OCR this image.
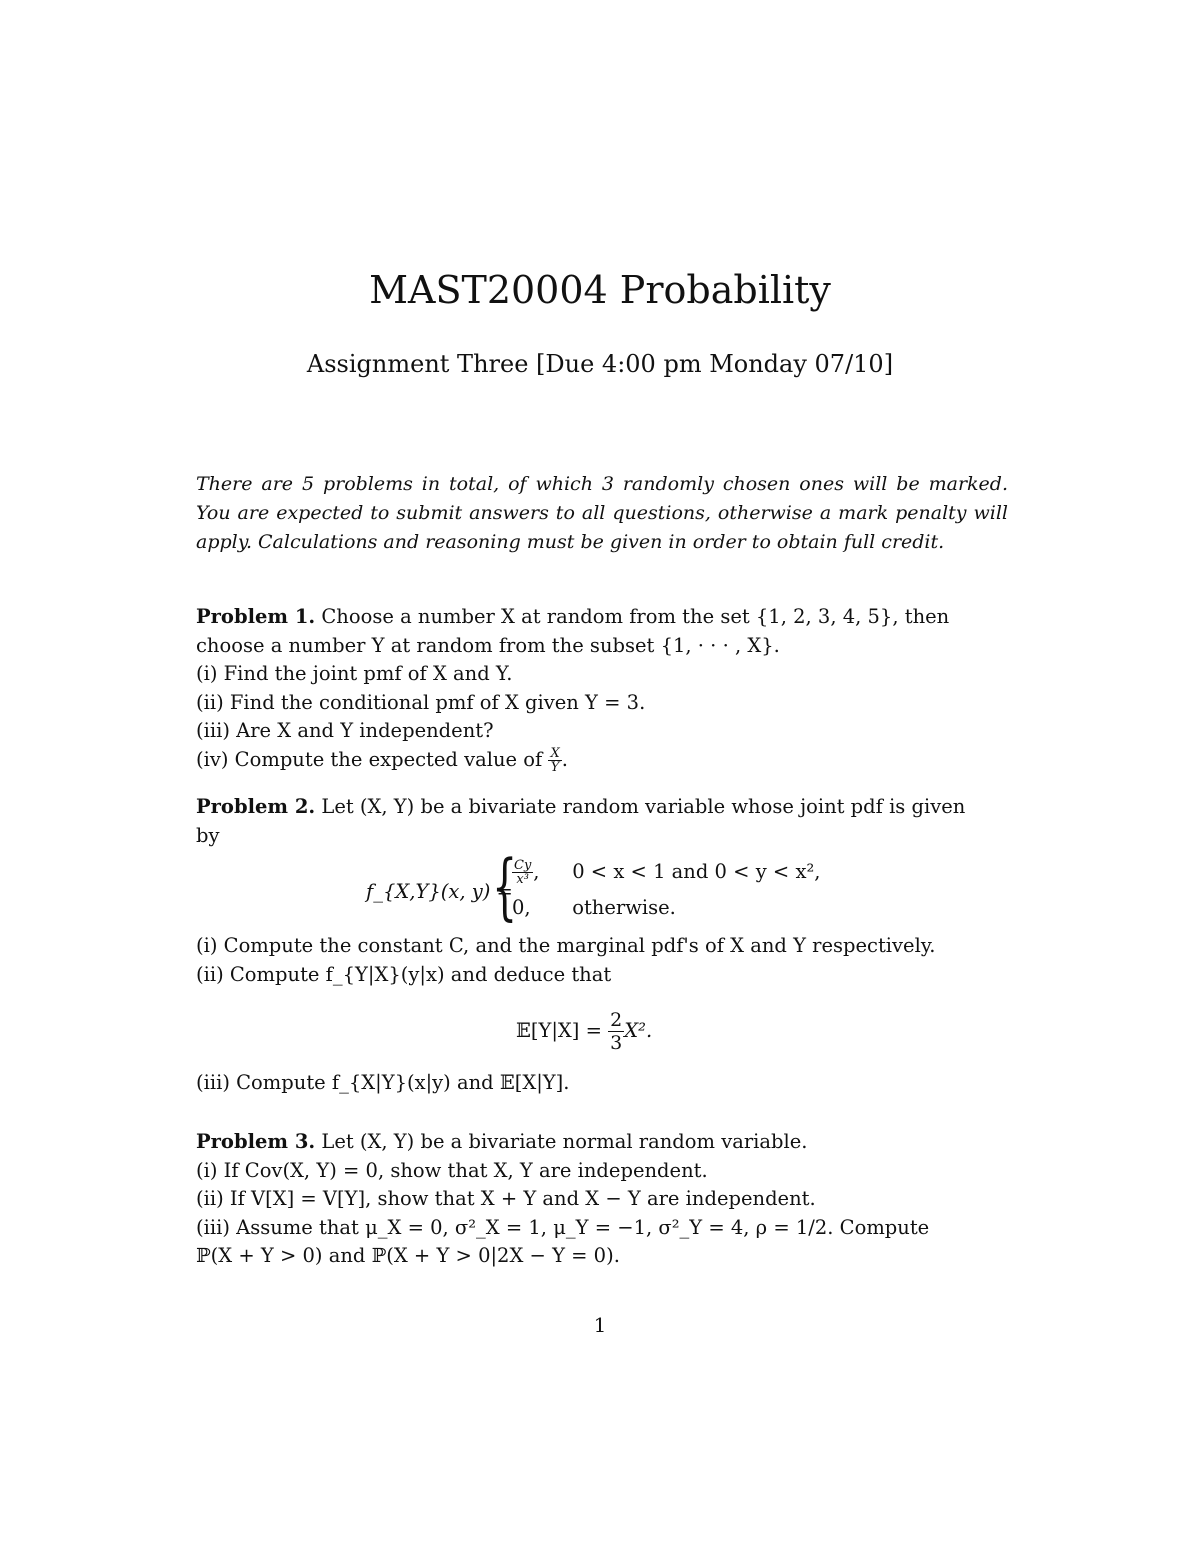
MAST20004 Probability
Assignment Three [Due 4:00 pm Monday 07/10]

There are 5 problems in total, of which 3 randomly chosen ones will be marked. You are expected to submit answers to all questions, otherwise a mark penalty will apply. Calculations and reasoning must be given in order to obtain full credit.

Problem 1. Choose a number X at random from the set {1, 2, 3, 4, 5}, then
choose a number Y at random from the subset {1, · · · , X}.
(i) Find the joint pmf of X and Y.
(ii) Find the conditional pmf of X given Y = 3.
(iii) Are X and Y independent?
(iv) Compute the expected value of $\frac{X}{Y}$ .
Problem 2. Let (X, Y) be a bivariate random variable whose joint pdf is given
by
f_{X,Y}(x, y) =
{
$\frac{Cy}{\text{x³}}$ , 0 < x < 1 and 0 < y < x²,
0, otherwise.
(i) Compute the constant C, and the marginal pdf's of X and Y respectively.
(ii) Compute f_{Y|X}(y|x) and deduce that
𝔼[Y|X] = $\frac{2}{3} X^2$.
(iii) Compute f_{X|Y}(x|y) and 𝔼[X|Y].
Problem 3. Let (X, Y) be a bivariate normal random variable.
(i) If Cov(X, Y) = 0, show that X, Y are independent.
(ii) If V[X] = V[Y], show that X + Y and X − Y are independent.
(iii) Assume that μ_X = 0, σ²_X = 1, μ_Y = −1, σ²_Y = 4, ρ = 1/2. Compute
ℙ(X + Y > 0) and ℙ(X + Y > 0|2X − Y = 0).
1
